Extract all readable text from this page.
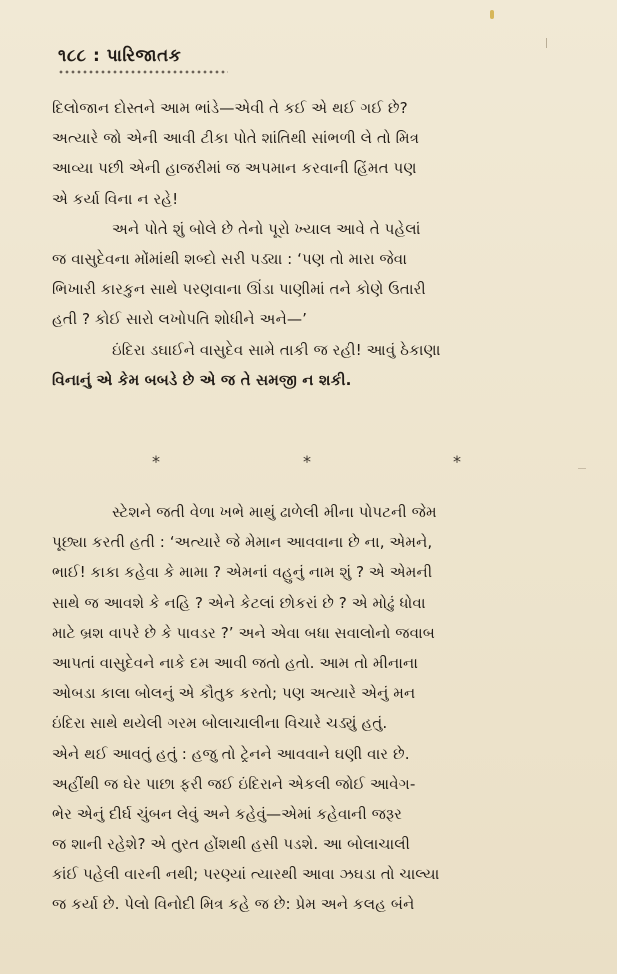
૧૮૮ : પારિજાતક
દિલોજાન દોસ્તને આમ ભાંડે—એવી તે કઈ એ થઈ ગઈ છે?
અત્યારે જો એની આવી ટીકા પોતે શાંતિથી સાંભળી લે તો મિત્ર
આવ્યા પછી એની હાજરીમાં જ અપમાન કરવાની હિંમત પણ
એ કર્યા વિના ન રહે!
અને પોતે શું બોલે છે તેનો પૂરો ખ્યાલ આવે તે પહેલાં
જ વાસુદેવના મોંમાંથી શબ્દો સરી પડ્યા : ‘પણ તો મારા જેવા
ભિખારી કારકુન સાથે પરણવાના ઊંડા પાણીમાં તને કોણે ઉતારી
હતી ? કોઈ સારો લખોપતિ શોધીને અને—’
ઇંદિરા ડઘાઈને વાસુદેવ સામે તાકી જ રહી! આવું ઠેકાણા
વિનાનું એ કેમ બબડે છે એ જ તે સમજી ન શકી.
*	*	*
સ્ટેશને જતી વેળા ખભે માથું ઢાળેલી મીના પોપટની જેમ
પૂછ્યા કરતી હતી : ‘અત્યારે જે મેમાન આવવાના છે ના, એમને,
ભાઈ! કાકા કહેવા કે મામા ? એમનાં વહુનું નામ શું ? એ એમની
સાથે જ આવશે કે નહિ ? એને કેટલાં છોકરાં છે ? એ મોઢું ધોવા
માટે બ્રશ વાપરે છે કે પાવડર ?’ અને એવા બધા સવાલોનો જવાબ
આપતાં વાસુદેવને નાકે દમ આવી જતો હતો. આમ તો મીનાના
ઓબડા કાલા બોલનું એ કૌતુક કરતો; પણ અત્યારે એનું મન
ઇંદિરા સાથે થયેલી ગરમ બોલાચાલીના વિચારે ચડ્યું હતું.
એને થઈ આવતું હતું : હજુ તો ટ્રેનને આવવાને ઘણી વાર છે.
અહીંથી જ ઘેર પાછા ફરી જઈ ઇંદિરાને એકલી જોઈ આવેગ-
ભેર એનું દીર્ઘ ચુંબન લેવું અને કહેવું—એમાં કહેવાની જરૂર
જ શાની રહેશે? એ તુરત હોંશથી હસી પડશે. આ બોલાચાલી
કાંઈ પહેલી વારની નથી; પરણ્યાં ત્યારથી આવા ઝઘડા તો ચાલ્યા
જ કર્યા છે. પેલો વિનોદી મિત્ર કહે જ છે: પ્રેમ અને કલહ બંને
